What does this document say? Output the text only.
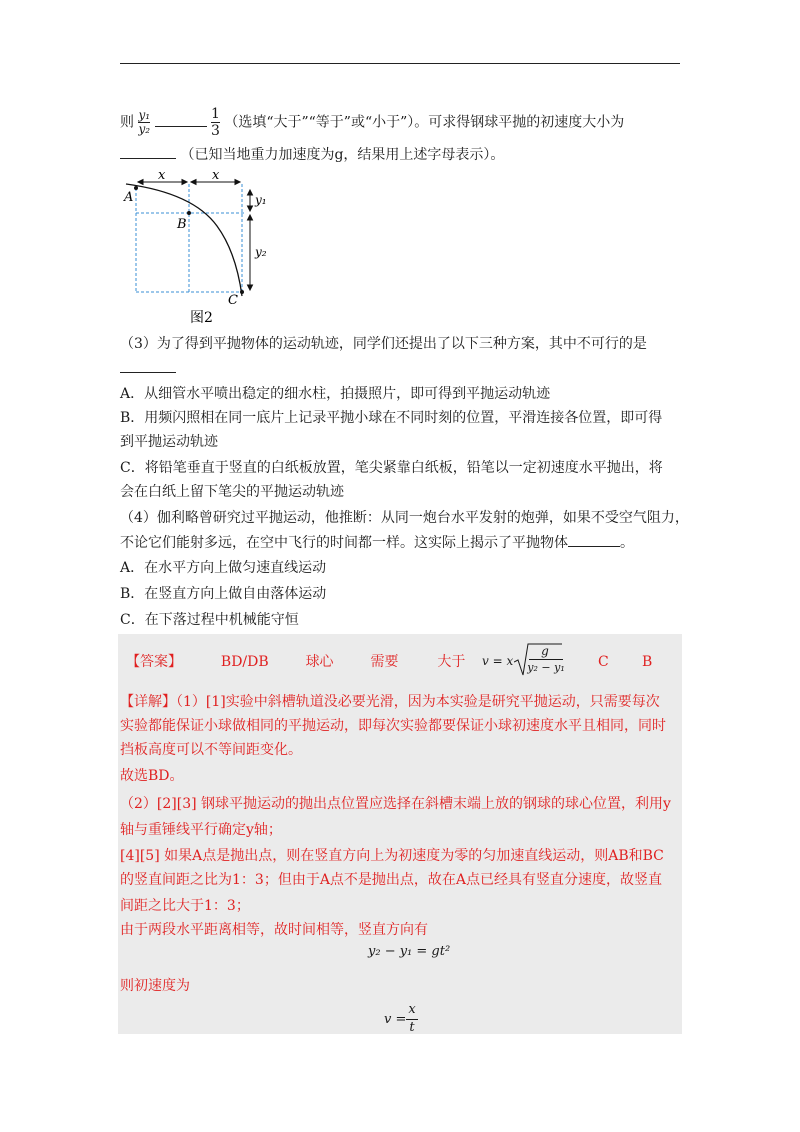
则 $\frac{\text{y₁}}{\text{y₂}}$
	$\frac{1}{3}$ （选填“大于”“等于”或“小于”）。可求得钢球平抛的初速度大小为
（已知当地重力加速度为g，结果用上述字母表示）。
x	x
y₁
y₂
A
B
C
图2
（3）为了得到平抛物体的运动轨迹，同学们还提出了以下三种方案，其中不可行的是
A．从细管水平喷出稳定的细水柱，拍摄照片，即可得到平抛运动轨迹
B．用频闪照相在同一底片上记录平抛小球在不同时刻的位置，平滑连接各位置，即可得
到平抛运动轨迹
C．将铅笔垂直于竖直的白纸板放置，笔尖紧靠白纸板，铅笔以一定初速度水平抛出，将
会在白纸上留下笔尖的平抛运动轨迹
（4）伽利略曾研究过平抛运动，他推断：从同一炮台水平发射的炮弹，如果不受空气阻力，
不论它们能射多远，在空中飞行的时间都一样。这实际上揭示了平抛物体	。
A．在水平方向上做匀速直线运动
B．在竖直方向上做自由落体运动
C．在下落过程中机械能守恒
【答案】	BD/DB	球心	需要	大于 v = x
g
y₂ − y₁ C B
【详解】（1）[1]实验中斜槽轨道没必要光滑，因为本实验是研究平抛运动，只需要每次
实验都能保证小球做相同的平抛运动，即每次实验都要保证小球初速度水平且相同，同时
挡板高度可以不等间距变化。
故选BD。
（2）[2][3] 钢球平抛运动的抛出点位置应选择在斜槽末端上放的钢球的球心位置，利用y
轴与重锤线平行确定y轴；
[4][5] 如果A点是抛出点，则在竖直方向上为初速度为零的匀加速直线运动，则AB和BC
的竖直间距之比为1：3；但由于A点不是抛出点，故在A点已经具有竖直分速度，故竖直
间距之比大于1：3；
由于两段水平距离相等，故时间相等，竖直方向有
y₂ − y₁ = gt²
则初速度为
v =
x
t
